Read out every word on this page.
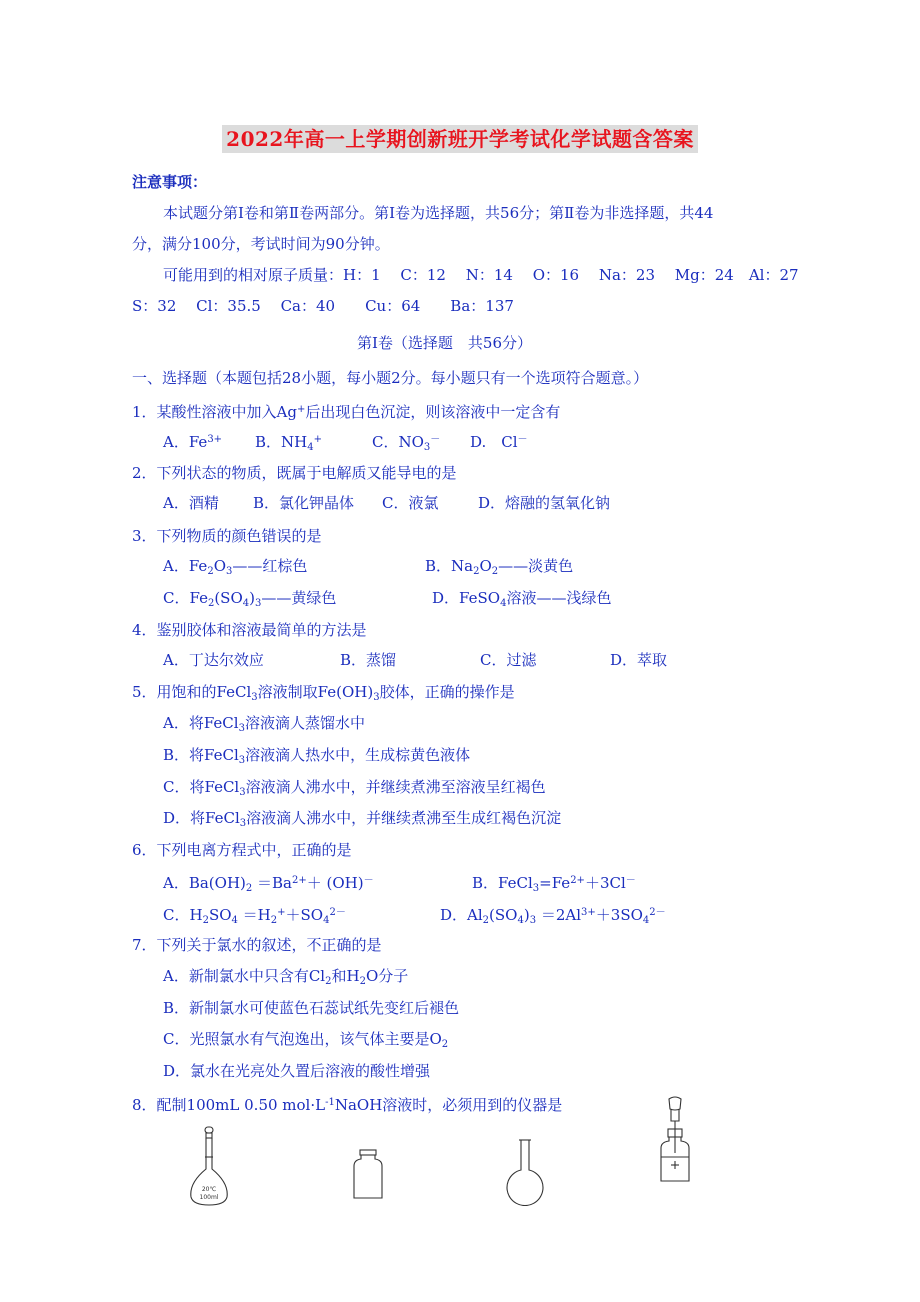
2022年高一上学期创新班开学考试化学试题含答案
注意事项：
本试题分第Ⅰ卷和第Ⅱ卷两部分。第Ⅰ卷为选择题，共56分；第Ⅱ卷为非选择题，共44
分，满分100分，考试时间为90分钟。
可能用到的相对原子质量：H：1　 C：12　 N：14　 O：16　 Na：23　 Mg：24　Al：27
S：32　 Cl：35.5　 Ca：40　　Cu：64　　Ba：137
第Ⅰ卷（选择题　共56分）
一、选择题（本题包括28小题，每小题2分。每小题只有一个选项符合题意。）
1．某酸性溶液中加入Ag+后出现白色沉淀，则该溶液中一定含有
A．$Fe^{3+}$ B．$NH_4^+$	C．$NO_3^-$ D.　Cl－
2．下列状态的物质，既属于电解质又能导电的是
A．酒精 B．氯化钾晶体 C．液氯	D．熔融的氢氧化钠
3．下列物质的颜色错误的是
A．$Fe_2O_3——$红棕色	B．$Na_2O_2——$淡黄色
C．$Fe_2(SO_4)_3——$黄绿色	D．FeSO$_4$溶液——浅绿色
4．鉴别胶体和溶液最简单的方法是
A．丁达尔效应	B．蒸馏	C．过滤	D．萃取
5．用饱和的FeCl$_3$溶液制取$Fe(OH)_3$胶体，正确的操作是
A．将FeCl$_3$溶液滴人蒸馏水中
B．将FeCl$_3$溶液滴人热水中，生成棕黄色液体
C．将FeCl$_3$溶液滴人沸水中，并继续煮沸至溶液呈红褐色
D．将FeCl$_3$溶液滴人沸水中，并继续煮沸至生成红褐色沉淀
6．下列电离方程式中，正确的是
A．$Ba(OH)_2 =Ba^{2+}+ (OH)^-$	B．$FeCl_3=Fe^{2+}+3Cl^-$
C．$H_2SO_4 =H_2^++SO_4^{2-}$	D．$Al_2(SO_4)_3 =2Al^{3+}+3SO_4^{2-}$
7．下列关于氯水的叙述，不正确的是
A．新制氯水中只含有$Cl_2$和$H_2O$分子
B．新制氯水可使蓝色石蕊试纸先变红后褪色
C．光照氯水有气泡逸出，该气体主要是$O_2$
D．氯水在光亮处久置后溶液的酸性增强
8．配制100mL 0.50 $mol\cdot L^{-1}NaOH$溶液时，必须用到的仪器是
20℃
100ml
